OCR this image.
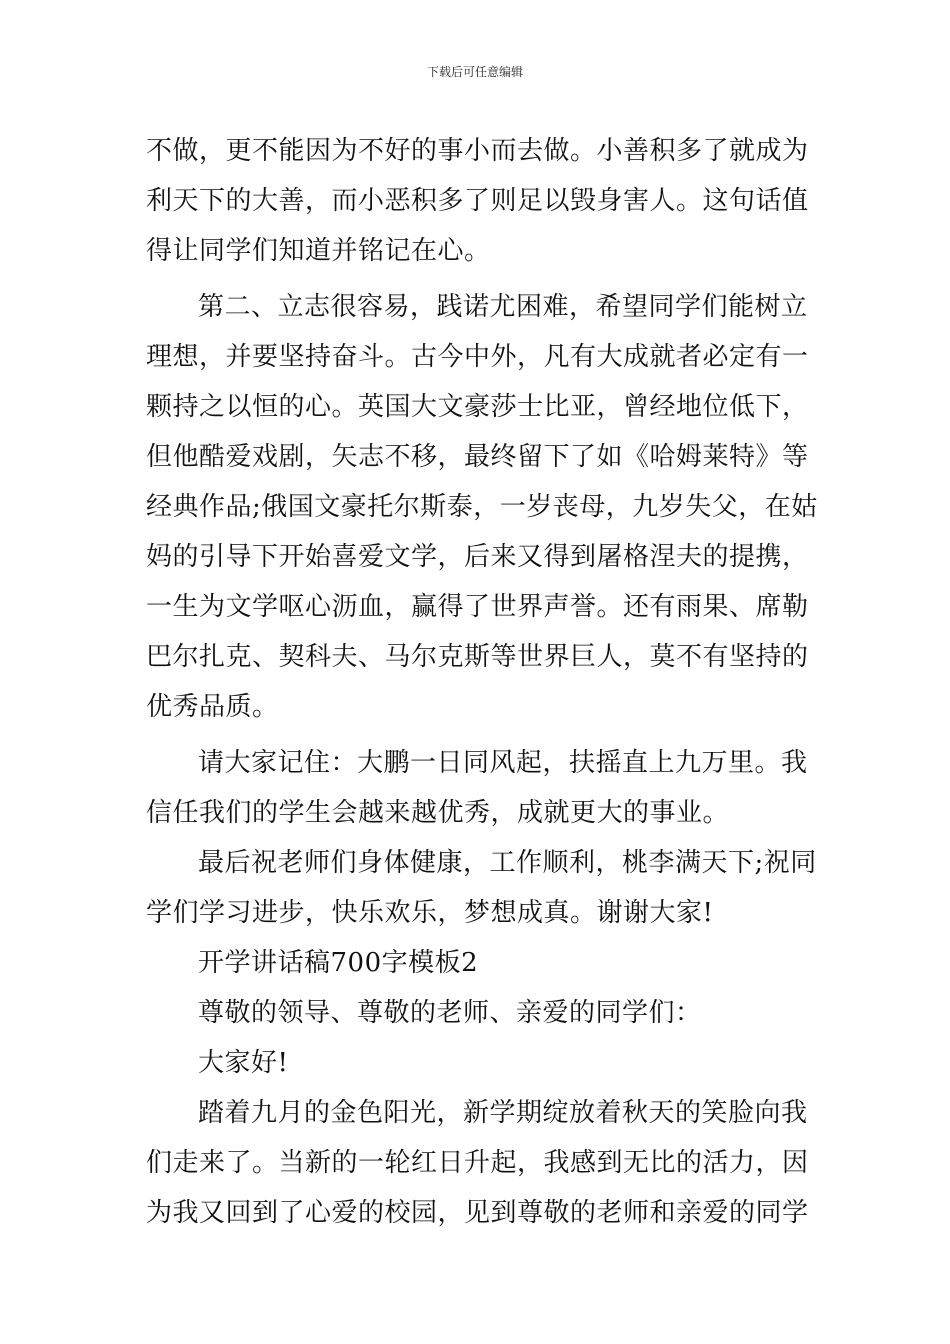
下载后可任意编辑
不做，更不能因为不好的事小而去做。小善积多了就成为
利天下的大善，而小恶积多了则足以毁身害人。这句话值
得让同学们知道并铭记在心。
第二、立志很容易，践诺尤困难，希望同学们能树立
理想，并要坚持奋斗。古今中外，凡有大成就者必定有一
颗持之以恒的心。英国大文豪莎士比亚，曾经地位低下，
但他酷爱戏剧，矢志不移，最终留下了如《哈姆莱特》等
经典作品;俄国文豪托尔斯泰，一岁丧母，九岁失父，在姑
妈的引导下开始喜爱文学，后来又得到屠格涅夫的提携，
一生为文学呕心沥血，赢得了世界声誉。还有雨果、席勒
巴尔扎克、契科夫、马尔克斯等世界巨人，莫不有坚持的
优秀品质。
请大家记住：大鹏一日同风起，扶摇直上九万里。我
信任我们的学生会越来越优秀，成就更大的事业。
最后祝老师们身体健康，工作顺利，桃李满天下;祝同
学们学习进步，快乐欢乐，梦想成真。谢谢大家!
开学讲话稿700字模板2
尊敬的领导、尊敬的老师、亲爱的同学们：
大家好!
踏着九月的金色阳光，新学期绽放着秋天的笑脸向我
们走来了。当新的一轮红日升起，我感到无比的活力，因
为我又回到了心爱的校园，见到尊敬的老师和亲爱的同学
